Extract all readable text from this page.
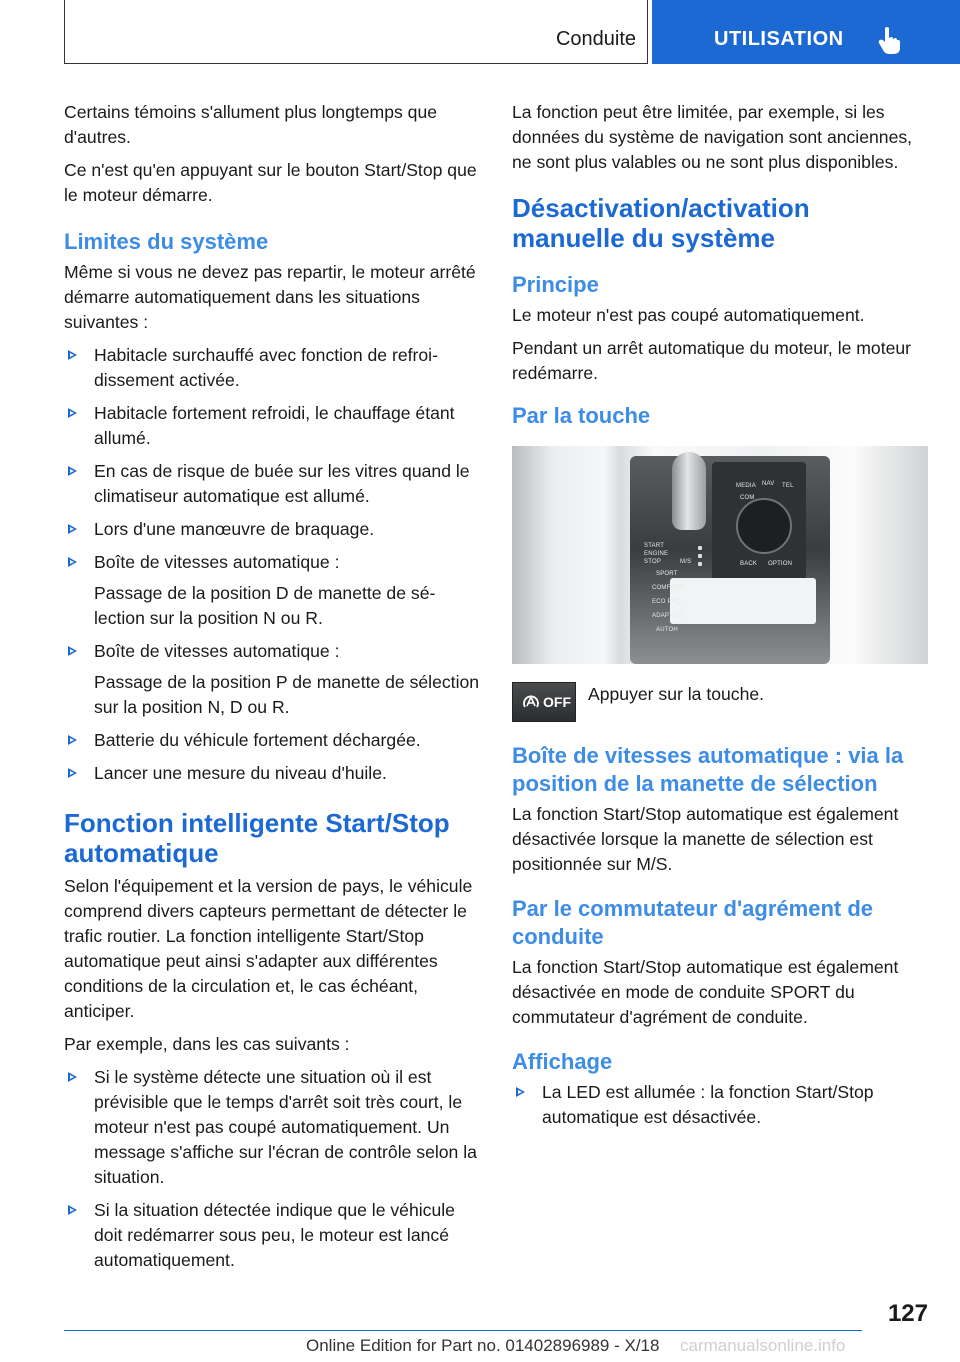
Conduite	UTILISATION

Certains témoins s'allument plus longtemps que d'autres.

Ce n'est qu'en appuyant sur le bouton Start/Stop que le moteur démarre.

Limites du système

Même si vous ne devez pas repartir, le moteur arrêté démarre automatiquement dans les situations suivantes :

Habitacle surchauffé avec fonction de refroidissement activée.
Habitacle fortement refroidi, le chauffage étant allumé.
En cas de risque de buée sur les vitres quand le climatiseur automatique est allumé.
Lors d'une manœuvre de braquage.
Boîte de vitesses automatique :
Passage de la position D de manette de sélection sur la position N ou R.
Boîte de vitesses automatique :
Passage de la position P de manette de sélection sur la position N, D ou R.
Batterie du véhicule fortement déchargée.
Lancer une mesure du niveau d'huile.
Fonction intelligente Start/Stop automatique

Selon l'équipement et la version de pays, le véhicule comprend divers capteurs permettant de détecter le trafic routier. La fonction intelligente Start/Stop automatique peut ainsi s'adapter aux différentes conditions de la circulation et, le cas échéant, anticiper.

Par exemple, dans les cas suivants :

Si le système détecte une situation où il est prévisible que le temps d'arrêt soit très court, le moteur n'est pas coupé automatiquement. Un message s'affiche sur l'écran de contrôle selon la situation.
Si la situation détectée indique que le véhicule doit redémarrer sous peu, le moteur est lancé automatiquement.

La fonction peut être limitée, par exemple, si les données du système de navigation sont anciennes, ne sont plus valables ou ne sont plus disponibles.

Désactivation/activation manuelle du système
Principe

Le moteur n'est pas coupé automatiquement.

Pendant un arrêt automatique du moteur, le moteur redémarre.

Par la touche
MEDIA NAV TEL
COM
BACK OPTION
START ENGINE STOP
SPORT
COMFORT
ECO PRO
ADAPTIVE
M/S
AUTOH
OFF Appuyer sur la touche.

Boîte de vitesses automatique : via la position de la manette de sélection

La fonction Start/Stop automatique est également désactivée lorsque la manette de sélection est positionnée sur M/S.

Par le commutateur d'agrément de conduite

La fonction Start/Stop automatique est également désactivée en mode de conduite SPORT du commutateur d'agrément de conduite.

Affichage
La LED est allumée : la fonction Start/Stop automatique est désactivée.
127
Online Edition for Part no. 01402896989 - X/18 carmanualsonline.info
